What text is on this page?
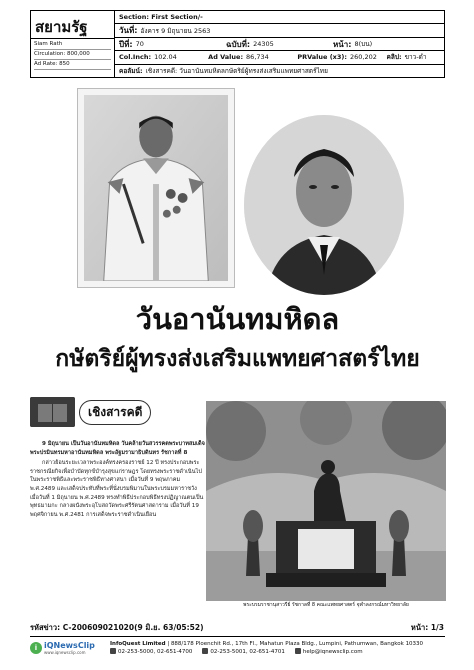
สยามรัฐ
Siam Rath
Circulation: 800,000
Ad Rate: 850
Section: First Section/-
วันที่: อังคาร 9 มิถุนายน 2563
ปีที่: 70	ฉบับที่: 24305	หน้า: 8(บน)
Col.Inch: 102.04	Ad Value: 86,734	PRValue (x3): 260,202 คลิป: ขาว-ดำ
คอลัมน์: เชิงสารคดี: วันอานันทมหิดลกษัตริย์ผู้ทรงส่งเสริมแพทยศาสตร์ไทย
วันอานันทมหิดล
กษัตริย์ผู้ทรงส่งเสริมแพทยศาสตร์ไทย
เชิงสารคดี

9 มิถุนายน เป็นวันอานันทมหิดล วันคล้ายวันสวรรคตพระบาทสมเด็จพระปรมินทรมหาอานันทมหิดล พระอัฐมรามาธิบดินทร รัชกาลที่ 8

กล่าวย้อนระยะเวลาพระองค์ทรงครองราชย์ 12 ปี ทรงประกอบพระราชกรณียกิจเพื่อบำบัดทุกข์บำรุงสุขแก่ราษฎร โดยทรงพระราชดำเนินไปในพระราชพิธีและพระราชพิธีทางศาสนา เมื่อวันที่ 9 พฤษภาคม พ.ศ.2489 และเสด็จประทับที่พระที่นั่งบรมพิมานในพระบรมมหาราชวัง เมื่อวันที่ 1 มิถุนายน พ.ศ.2489 ทรงทำพิธีประกอบพิธีทรงปฏิญาณตนเป็นพุทธมามกะ กลางผนังพระอุโบสถวัดพระศรีรัตนศาสดาราม เมื่อวันที่ 19 พฤศจิกายน พ.ศ.2481 การเสด็จพระราชดำเนินเยือน

พระบรมราชานุสาวรีย์ รัชกาลที่ 8 คณะแพทยศาสตร์ จุฬาลงกรณ์มหาวิทยาลัย
รหัสข่าว: C-200609021020(9 มิ.ย. 63/05:52)	หน้า: 1/3
i iQNewsClip
www.iqnewsclip.com
InfoQuest Limited | 888/178 Ploenchit Rd., 17th Fl., Mahatun Plaza Bldg., Lumpini, Pathumwan, Bangkok 10330
02-253-5000, 02-651-4700	02-253-5001, 02-651-4701	help@iqnewsclip.com
